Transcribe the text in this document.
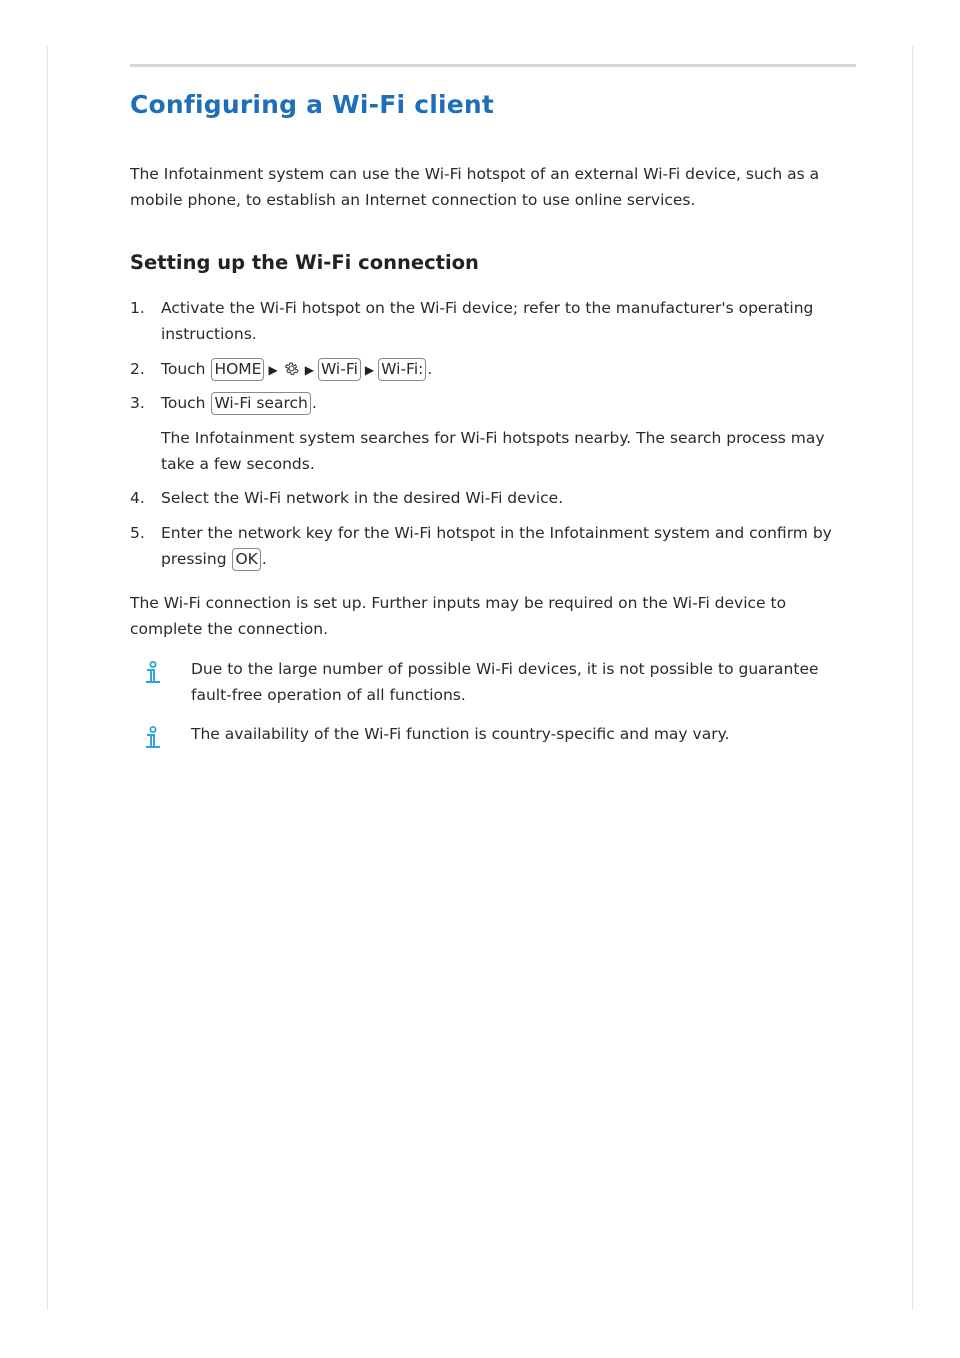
Configuring a Wi-Fi client

The Infotainment system can use the Wi-Fi hotspot of an external Wi-Fi device, such as a mobile phone, to establish an Internet connection to use online services.

Setting up the Wi-Fi connection
1.	Activate the Wi-Fi hotspot on the Wi-Fi device; refer to the manufacturer's operating instructions.
2.	Touch HOME ▶ ▶ Wi-Fi ▶ Wi-Fi: .
3.	Touch Wi-Fi search .

The Infotainment system searches for Wi-Fi hotspots nearby. The search process may take a few seconds.

4.	Select the Wi-Fi network in the desired Wi-Fi device.
5.	Enter the network key for the Wi-Fi hotspot in the Infotainment system and confirm by pressing OK .

The Wi-Fi connection is set up. Further inputs may be required on the Wi-Fi device to complete the connection.

Due to the large number of possible Wi-Fi devices, it is not possible to guarantee fault-free operation of all functions.

The availability of the Wi-Fi function is country-specific and may vary.
